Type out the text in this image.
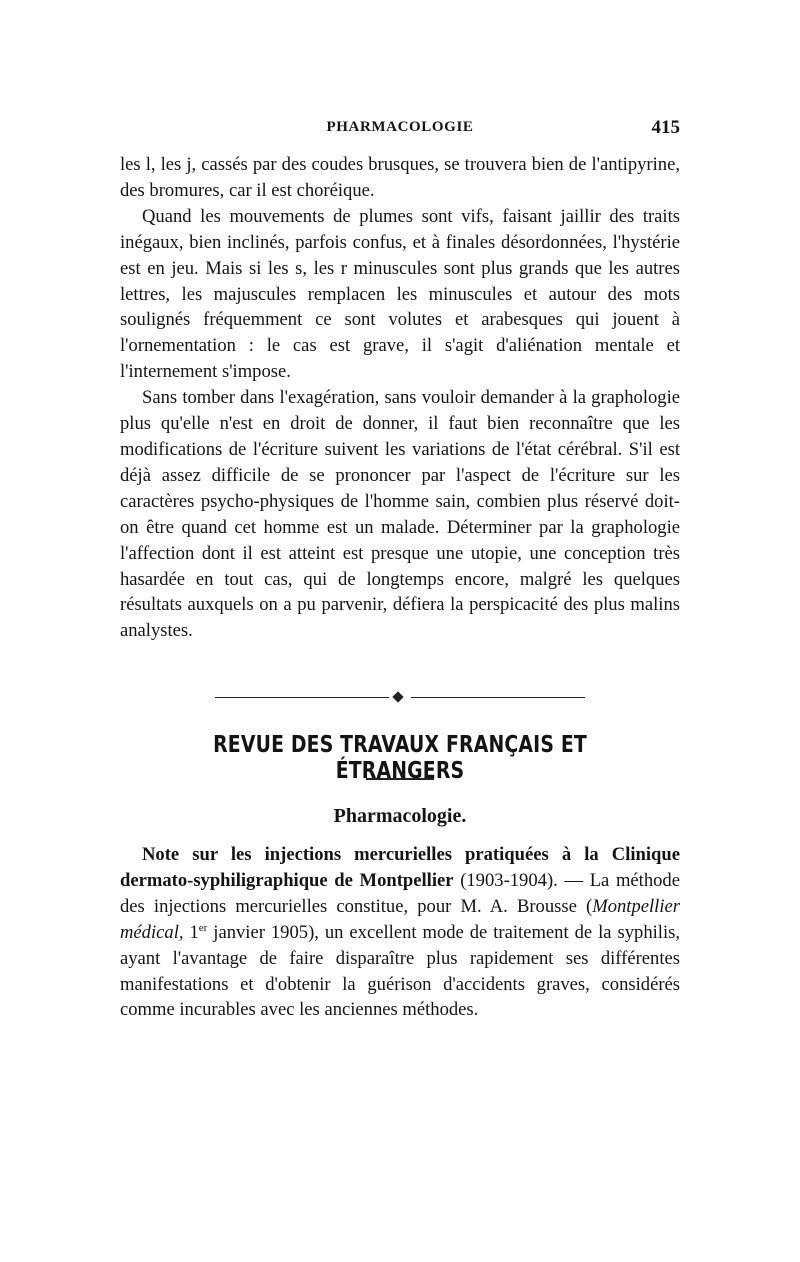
PHARMACOLOGIE	415

les l, les j, cassés par des coudes brusques, se trouvera bien de l'antipyrine, des bromures, car il est choréique.

Quand les mouvements de plumes sont vifs, faisant jaillir des traits inégaux, bien inclinés, parfois confus, et à finales désordonnées, l'hystérie est en jeu. Mais si les s, les r minuscules sont plus grands que les autres lettres, les majuscules remplacen les minuscules et autour des mots soulignés fréquemment ce sont volutes et arabesques qui jouent à l'ornementation : le cas est grave, il s'agit d'aliénation mentale et l'internement s'impose.

Sans tomber dans l'exagération, sans vouloir demander à la graphologie plus qu'elle n'est en droit de donner, il faut bien reconnaître que les modifications de l'écriture suivent les variations de l'état cérébral. S'il est déjà assez difficile de se prononcer par l'aspect de l'écriture sur les caractères psycho-physiques de l'homme sain, combien plus réservé doit-on être quand cet homme est un malade. Déterminer par la graphologie l'affection dont il est atteint est presque une utopie, une conception très hasardée en tout cas, qui de longtemps encore, malgré les quelques résultats auxquels on a pu parvenir, défiera la perspicacité des plus malins analystes.

REVUE DES TRAVAUX FRANÇAIS ET ÉTRANGERS
Pharmacologie.

Note sur les injections mercurielles pratiquées à la Clinique dermato-syphiligraphique de Montpellier (1903-1904). — La méthode des injections mercurielles constitue, pour M. A. Brousse (Montpellier médical, 1er janvier 1905), un excellent mode de traitement de la syphilis, ayant l'avantage de faire disparaître plus rapidement ses différentes manifestations et d'obtenir la guérison d'accidents graves, considérés comme incurables avec les anciennes méthodes.
